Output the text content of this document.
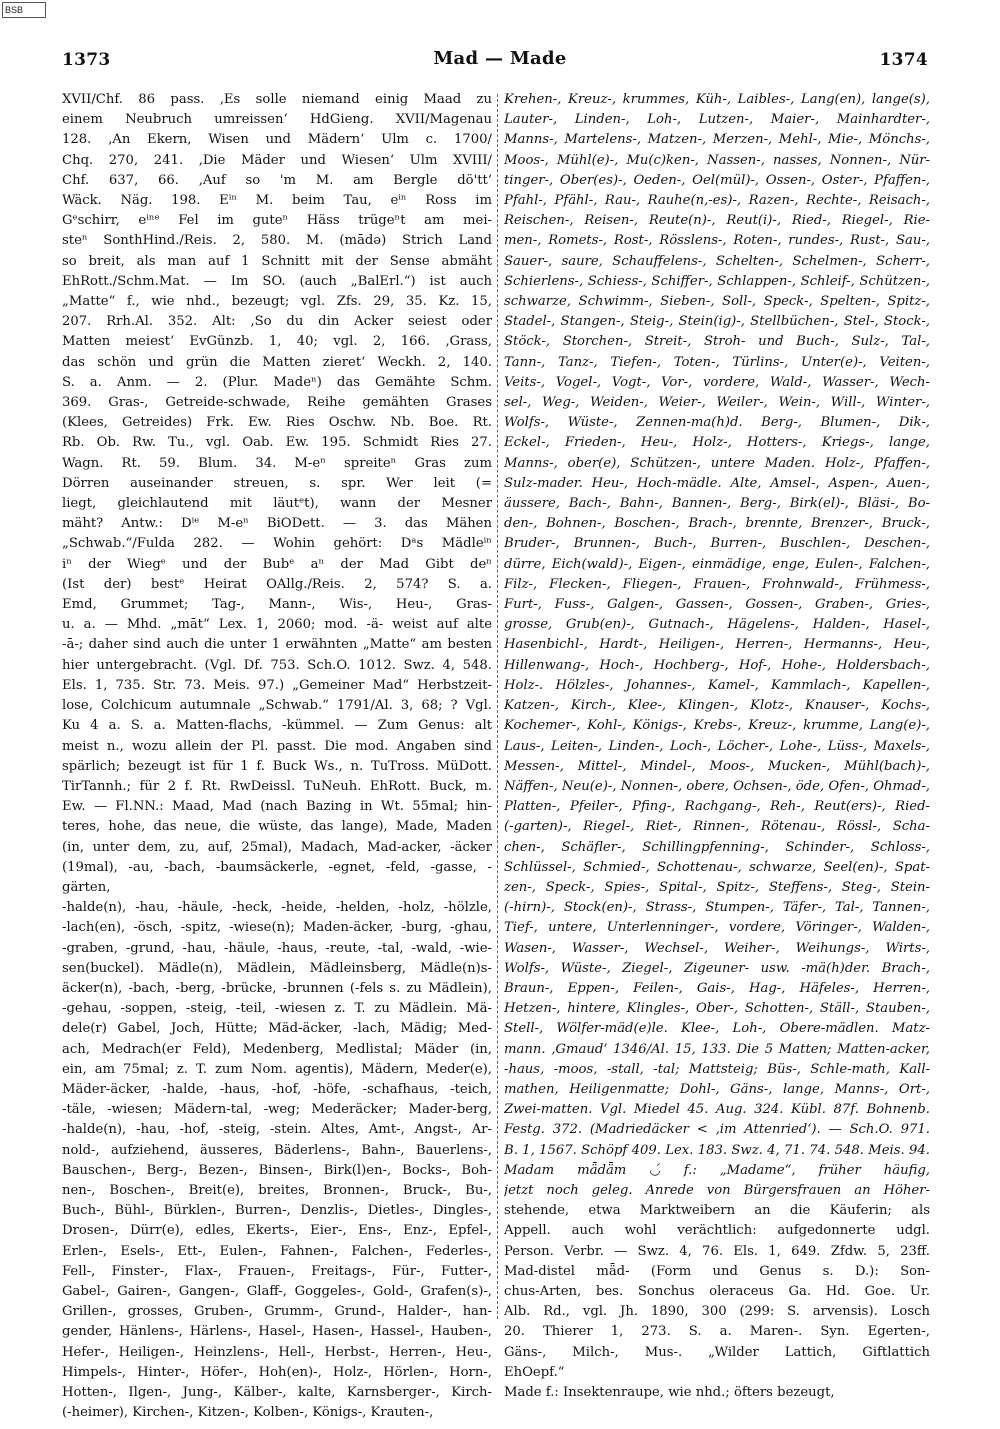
BSB
1373	Mad — Made	1374

XVII/Chf. 86 pass. ‚Es solle niemand einig Maad zu

einem Neubruch umreissen‘ HdGieng. XVII/Magenau

128. ‚An Ekern, Wisen und Mädern‘ Ulm c. 1700/

Chq. 270, 241. ‚Die Mäder und Wiesen‘ Ulm XVIII/

Chf. 637, 66. ‚Auf so 'm M. am Bergle dö'tt‘

Wäck. Näg. 198. Eⁱⁿ M. beim Tau, eⁱⁿ Ross im

Gᵉschirr, eⁱⁿᵉ Fel im guteⁿ Häss trügeⁿt am mei-

steⁿ SonthHind./Reis. 2, 580. M. (mādǝ) Strich Land

so breit, als man auf 1 Schnitt mit der Sense abmäht

EhRott./Schm.Mat. — Im SO. (auch „BalErl.“) ist auch

„Matte“ f., wie nhd., bezeugt; vgl. Zfs. 29, 35. Kz. 15,

207. Rrh.Al. 352. Alt: ‚So du din Acker seiest oder

Matten meiest‘ EvGünzb. 1, 40; vgl. 2, 166. ‚Grass,

das schön und grün die Matten zieret‘ Weckh. 2, 140.

S. a. Anm. — 2. (Plur. Madeⁿ) das Gemähte Schm.

369. Gras-, Getreide-schwade, Reihe gemähten Grases

(Klees, Getreides) Frk. Ew. Ries Oschw. Nb. Boe. Rt.

Rb. Ob. Rw. Tu., vgl. Oab. Ew. 195. Schmidt Ries 27.

Wagn. Rt. 59. Blum. 34. M-eⁿ spreiteⁿ Gras zum

Dörren auseinander streuen, s. spr. Wer leit (=

liegt, gleichlautend mit läutᵉt), wann der Mesner

mäht? Antw.: Dⁱᵉ M-eⁿ BiODett. — 3. das Mähen

„Schwab.“/Fulda 282. — Wohin gehört: Dᵃs Mädleⁱⁿ

iⁿ der Wiegᵉ und der Bubᵉ aⁿ der Mad Gibt deⁿ

(Ist der) bestᵉ Heirat OAllg./Reis. 2, 574? S. a.

Emd, Grummet; Tag-, Mann-, Wis-, Heu-, Gras-

u. a. — Mhd. „māt“ Lex. 1, 2060; mod. -ä- weist auf alte

-ā-; daher sind auch die unter 1 erwähnten „Matte“ am besten

hier untergebracht. (Vgl. Df. 753. Sch.O. 1012. Swz. 4, 548.

Els. 1, 735. Str. 73. Meis. 97.) „Gemeiner Mad“ Herbstzeit-

lose, Colchicum autumnale „Schwab.“ 1791/Al. 3, 68; ? Vgl.

Ku 4 a. S. a. Matten-flachs, -kümmel. — Zum Genus: alt

meist n., wozu allein der Pl. passt. Die mod. Angaben sind

spärlich; bezeugt ist für 1 f. Buck Ws., n. TuTross. MüDott.

TirTannh.; für 2 f. Rt. RwDeissl. TuNeuh. EhRott. Buck, m.

Ew. — Fl.NN.: Maad, Mad (nach Bazing in Wt. 55mal; hin-

teres, hohe, das neue, die wüste, das lange), Made, Maden

(in, unter dem, zu, auf, 25mal), Madach, Mad-acker, -äcker

(19mal), -au, -bach, -baumsäckerle, -egnet, -feld, -gasse, -gärten,

-halde(n), -hau, -häule, -heck, -heide, -helden, -holz, -hölzle,

-lach(en), -ösch, -spitz, -wiese(n); Maden-äcker, -burg, -ghau,

-graben, -grund, -hau, -häule, -haus, -reute, -tal, -wald, -wie-

sen(buckel). Mädle(n), Mädlein, Mädleinsberg, Mädle(n)s-

äcker(n), -bach, -berg, -brücke, -brunnen (-fels s. zu Mädlein),

-gehau, -soppen, -steig, -teil, -wiesen z. T. zu Mädlein. Mä-

dele(r) Gabel, Joch, Hütte; Mäd-äcker, -lach, Mädig; Med-

ach, Medrach(er Feld), Medenberg, Medlistal; Mäder (in,

ein, am 75mal; z. T. zum Nom. agentis), Mädern, Meder(e),

Mäder-äcker, -halde, -haus, -hof, -höfe, -schafhaus, -teich,

-täle, -wiesen; Mädern-tal, -weg; Mederäcker; Mader-berg,

-halde(n), -hau, -hof, -steig, -stein. Altes, Amt-, Angst-, Ar-

nold-, aufziehend, äusseres, Bäderlens-, Bahn-, Bauerlens-,

Bauschen-, Berg-, Bezen-, Binsen-, Birk(l)en-, Bocks-, Boh-

nen-, Boschen-, Breit(e), breites, Bronnen-, Bruck-, Bu-,

Buch-, Bühl-, Bürklen-, Burren-, Denzlis-, Dietles-, Dingles-,

Drosen-, Dürr(e), edles, Ekerts-, Eier-, Ens-, Enz-, Epfel-,

Erlen-, Esels-, Ett-, Eulen-, Fahnen-, Falchen-, Federles-,

Fell-, Finster-, Flax-, Frauen-, Freitags-, Für-, Futter-,

Gabel-, Gairen-, Gangen-, Glaff-, Goggeles-, Gold-, Grafen(s)-,

Grillen-, grosses, Gruben-, Grumm-, Grund-, Halder-, han-

gender, Hänlens-, Härlens-, Hasel-, Hasen-, Hassel-, Hauben-,

Hefer-, Heiligen-, Heinzlens-, Hell-, Herbst-, Herren-, Heu-,

Himpels-, Hinter-, Höfer-, Hoh(en)-, Holz-, Hörlen-, Horn-,

Hotten-, Ilgen-, Jung-, Kälber-, kalte, Karnsberger-, Kirch-

(-heimer), Kirchen-, Kitzen-, Kolben-, Königs-, Krauten-,

Krehen-, Kreuz-, krummes, Küh-, Laibles-, Lang(en), lange(s),

Lauter-, Linden-, Loh-, Lutzen-, Maier-, Mainhardter-,

Manns-, Martelens-, Matzen-, Merzen-, Mehl-, Mie-, Mönchs-,

Moos-, Mühl(e)-, Mu(c)ken-, Nassen-, nasses, Nonnen-, Nür-

tinger-, Ober(es)-, Oeden-, Oel(mül)-, Ossen-, Oster-, Pfaffen-,

Pfahl-, Pfähl-, Rau-, Rauhe(n,-es)-, Razen-, Rechte-, Reisach-,

Reischen-, Reisen-, Reute(n)-, Reut(i)-, Ried-, Riegel-, Rie-

men-, Romets-, Rost-, Rösslens-, Roten-, rundes-, Rust-, Sau-,

Sauer-, saure, Schauffelens-, Schelten-, Schelmen-, Scherr-,

Schierlens-, Schiess-, Schiffer-, Schlappen-, Schleif-, Schützen-,

schwarze, Schwimm-, Sieben-, Soll-, Speck-, Spelten-, Spitz-,

Stadel-, Stangen-, Steig-, Stein(ig)-, Stellbüchen-, Stel-, Stock-,

Stöck-, Storchen-, Streit-, Stroh- und Buch-, Sulz-, Tal-,

Tann-, Tanz-, Tiefen-, Toten-, Türlins-, Unter(e)-, Veiten-,

Veits-, Vogel-, Vogt-, Vor-, vordere, Wald-, Wasser-, Wech-

sel-, Weg-, Weiden-, Weier-, Weiler-, Wein-, Will-, Winter-,

Wolfs-, Wüste-, Zennen-ma(h)d. Berg-, Blumen-, Dik-,

Eckel-, Frieden-, Heu-, Holz-, Hotters-, Kriegs-, lange,

Manns-, ober(e), Schützen-, untere Maden. Holz-, Pfaffen-,

Sulz-mader. Heu-, Hoch-mädle. Alte, Amsel-, Aspen-, Auen-,

äussere, Bach-, Bahn-, Bannen-, Berg-, Birk(el)-, Bläsi-, Bo-

den-, Bohnen-, Boschen-, Brach-, brennte, Brenzer-, Bruck-,

Bruder-, Brunnen-, Buch-, Burren-, Buschlen-, Deschen-,

dürre, Eich(wald)-, Eigen-, einmädige, enge, Eulen-, Falchen-,

Filz-, Flecken-, Fliegen-, Frauen-, Frohnwald-, Frühmess-,

Furt-, Fuss-, Galgen-, Gassen-, Gossen-, Graben-, Gries-,

grosse, Grub(en)-, Gutnach-, Hägelens-, Halden-, Hasel-,

Hasenbichl-, Hardt-, Heiligen-, Herren-, Hermanns-, Heu-,

Hillenwang-, Hoch-, Hochberg-, Hof-, Hohe-, Holdersbach-,

Holz-. Hölzles-, Johannes-, Kamel-, Kammlach-, Kapellen-,

Katzen-, Kirch-, Klee-, Klingen-, Klotz-, Knauser-, Kochs-,

Kochemer-, Kohl-, Königs-, Krebs-, Kreuz-, krumme, Lang(e)-,

Laus-, Leiten-, Linden-, Loch-, Löcher-, Lohe-, Lüss-, Maxels-,

Messen-, Mittel-, Mindel-, Moos-, Mucken-, Mühl(bach)-,

Näffen-, Neu(e)-, Nonnen-, obere, Ochsen-, öde, Ofen-, Ohmad-,

Platten-, Pfeiler-, Pfing-, Rachgang-, Reh-, Reut(ers)-, Ried-

(-garten)-, Riegel-, Riet-, Rinnen-, Rötenau-, Rössl-, Scha-

chen-, Schäfler-, Schillingpfenning-, Schinder-, Schloss-,

Schlüssel-, Schmied-, Schottenau-, schwarze, Seel(en)-, Spat-

zen-, Speck-, Spies-, Spital-, Spitz-, Steffens-, Steg-, Stein-

(-hirn)-, Stock(en)-, Strass-, Stumpen-, Täfer-, Tal-, Tannen-,

Tief-, untere, Unterlenninger-, vordere, Vöringer-, Walden-,

Wasen-, Wasser-, Wechsel-, Weiher-, Weihungs-, Wirts-,

Wolfs-, Wüste-, Ziegel-, Zigeuner- usw. -mä(h)der. Brach-,

Braun-, Eppen-, Feilen-, Gais-, Hag-, Häfeles-, Herren-,

Hetzen-, hintere, Klingles-, Ober-, Schotten-, Ställ-, Stauben-,

Stell-, Wölfer-mäd(e)le. Klee-, Loh-, Obere-mädlen. Matz-

mann. ‚Gmaud‘ 1346/Al. 15, 133. Die 5 Matten; Matten-acker,

-haus, -moos, -stall, -tal; Mattsteig; Büs-, Schle-math, Kall-

mathen, Heiligenmatte; Dohl-, Gäns-, lange, Manns-, Ort-,

Zwei-matten. Vgl. Miedel 45. Aug. 324. Kübl. 87f. Bohnenb.

Festg. 372. (Madriedäcker < ‚im Attenried‘). — Sch.O. 971.

B. 1, 1567. Schöpf 409. Lex. 183. Swz. 4, 71. 74. 548. Meis. 94.

Madam mǟdǟm ◡́ f.: „Madame“, früher häufig,

jetzt noch geleg. Anrede von Bürgersfrauen an Höher-

stehende, etwa Marktweibern an die Käuferin; als

Appell. auch wohl verächtlich: aufgedonnerte udgl.

Person. Verbr. — Swz. 4, 76. Els. 1, 649. Zfdw. 5, 23ff.

Mad-distel mǟd- (Form und Genus s. D.): Son-

chus-Arten, bes. Sonchus oleraceus Ga. Hd. Goe. Ur.

Alb. Rd., vgl. Jh. 1890, 300 (299: S. arvensis). Losch

20. Thierer 1, 273. S. a. Maren-. Syn. Egerten-,

Gäns-, Milch-, Mus-. „Wilder Lattich, Giftlattich

EhOepf.“

Made f.: Insektenraupe, wie nhd.; öfters bezeugt,
